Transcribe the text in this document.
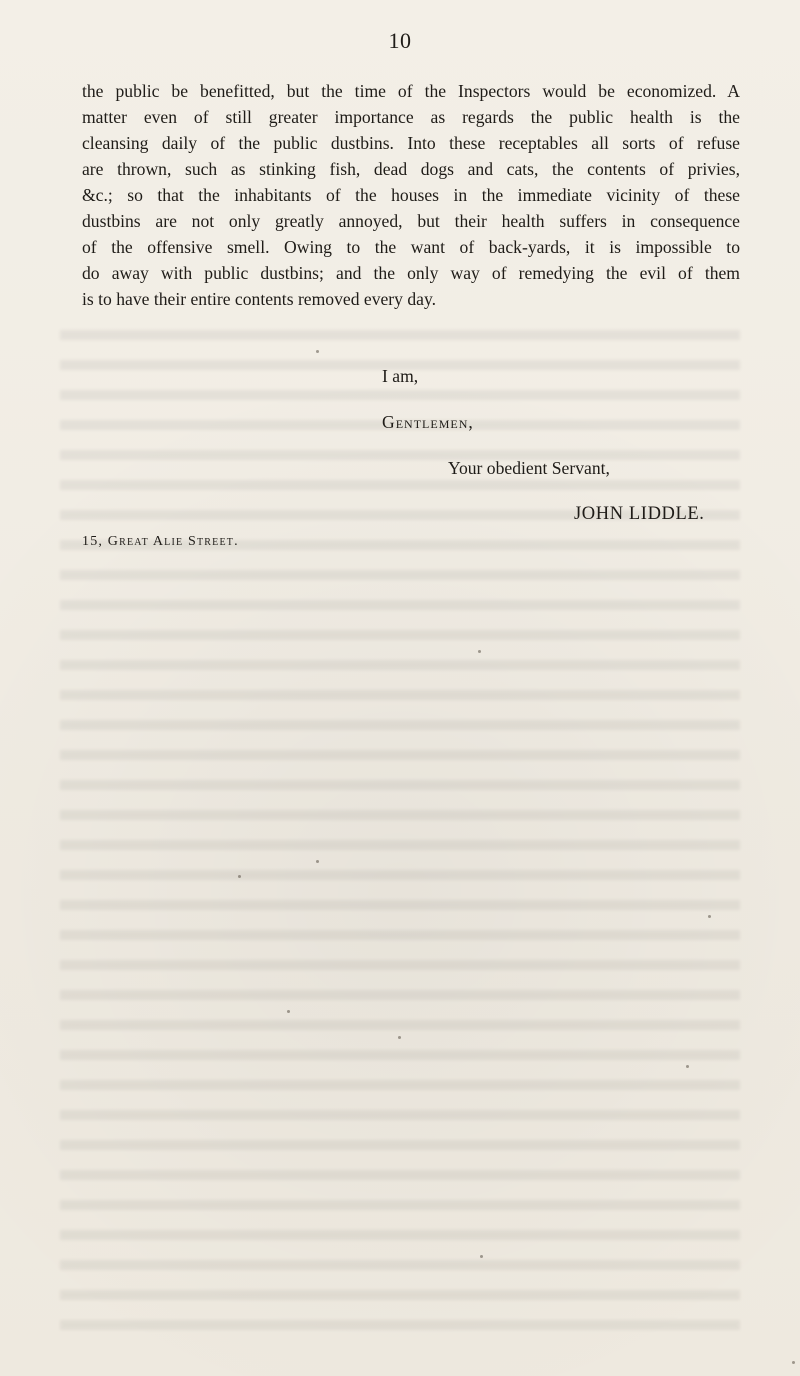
10
the public be benefitted, but the time of the Inspectors would be economized. A
matter even of still greater importance as regards the public health is the
cleansing daily of the public dustbins. Into these receptables all sorts of refuse
are thrown, such as stinking fish, dead dogs and cats, the contents of privies,
&c.; so that the inhabitants of the houses in the immediate vicinity of these
dustbins are not only greatly annoyed, but their health suffers in consequence
of the offensive smell. Owing to the want of back-yards, it is impossible to
do away with public dustbins; and the only way of remedying the evil of them
is to have their entire contents removed every day.
I am,
Gentlemen,
Your obedient Servant,
JOHN LIDDLE.
15, Great Alie Street.
